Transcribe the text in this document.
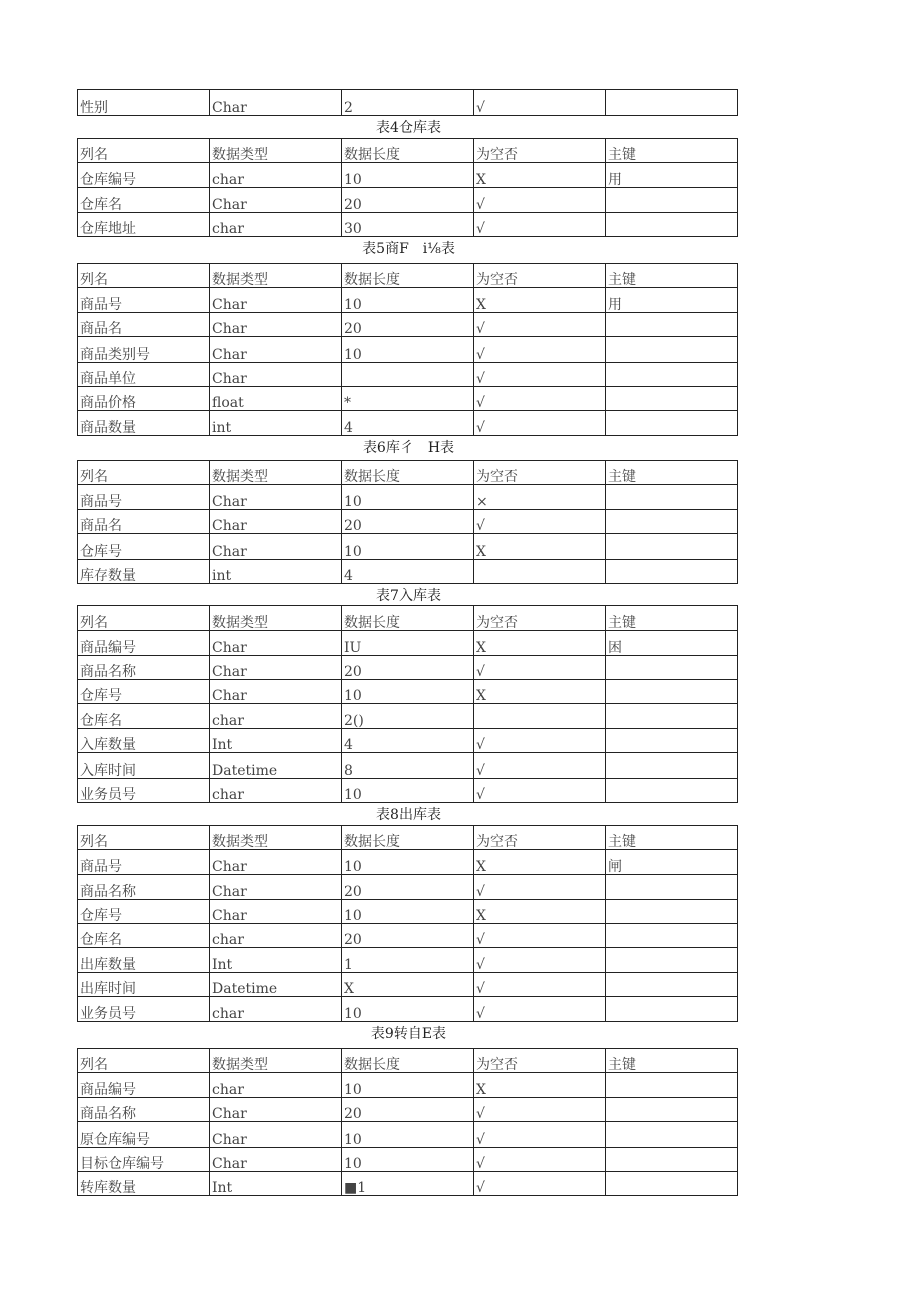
性别	Char	2	√	
表4仓库表
列名	数据类型	数据长度	为空否	主键
仓库编号	char	10	X	用
仓库名	Char	20	√	
仓库地址	char	30	√	
表5商F　i⅛表
列名	数据类型	数据长度	为空否	主键
商品号	Char	10	X	用
商品名	Char	20	√	
商品类别号	Char	10	√	
商品单位	Char		√	
商品价格	float	*	√	
商品数量	int	4	√	
表6库彳　H表
列名	数据类型	数据长度	为空否	主键
商品号	Char	10	×	
商品名	Char	20	√	
仓库号	Char	10	X	
库存数量	int	4		
表7入库表
列名	数据类型	数据长度	为空否	主键
商品编号	Char	IU	X	困
商品名称	Char	20	√	
仓库号	Char	10	X	
仓库名	char	2()		
入库数量	Int	4	√	
入库时间	Datetime	8	√	
业务员号	char	10	√	
表8出库表
列名	数据类型	数据长度	为空否	主键
商品号	Char	10	X	闸
商品名称	Char	20	√	
仓库号	Char	10	X	
仓库名	char	20	√	
出库数量	Int	1	√	
出库时间	Datetime	X	√	
业务员号	char	10	√	
表9转自E表
列名	数据类型	数据长度	为空否	主键
商品编号	char	10	X	
商品名称	Char	20	√	
原仓库编号	Char	10	√	
目标仓库编号	Char	10	√	
转库数量	Int	■1	√	
